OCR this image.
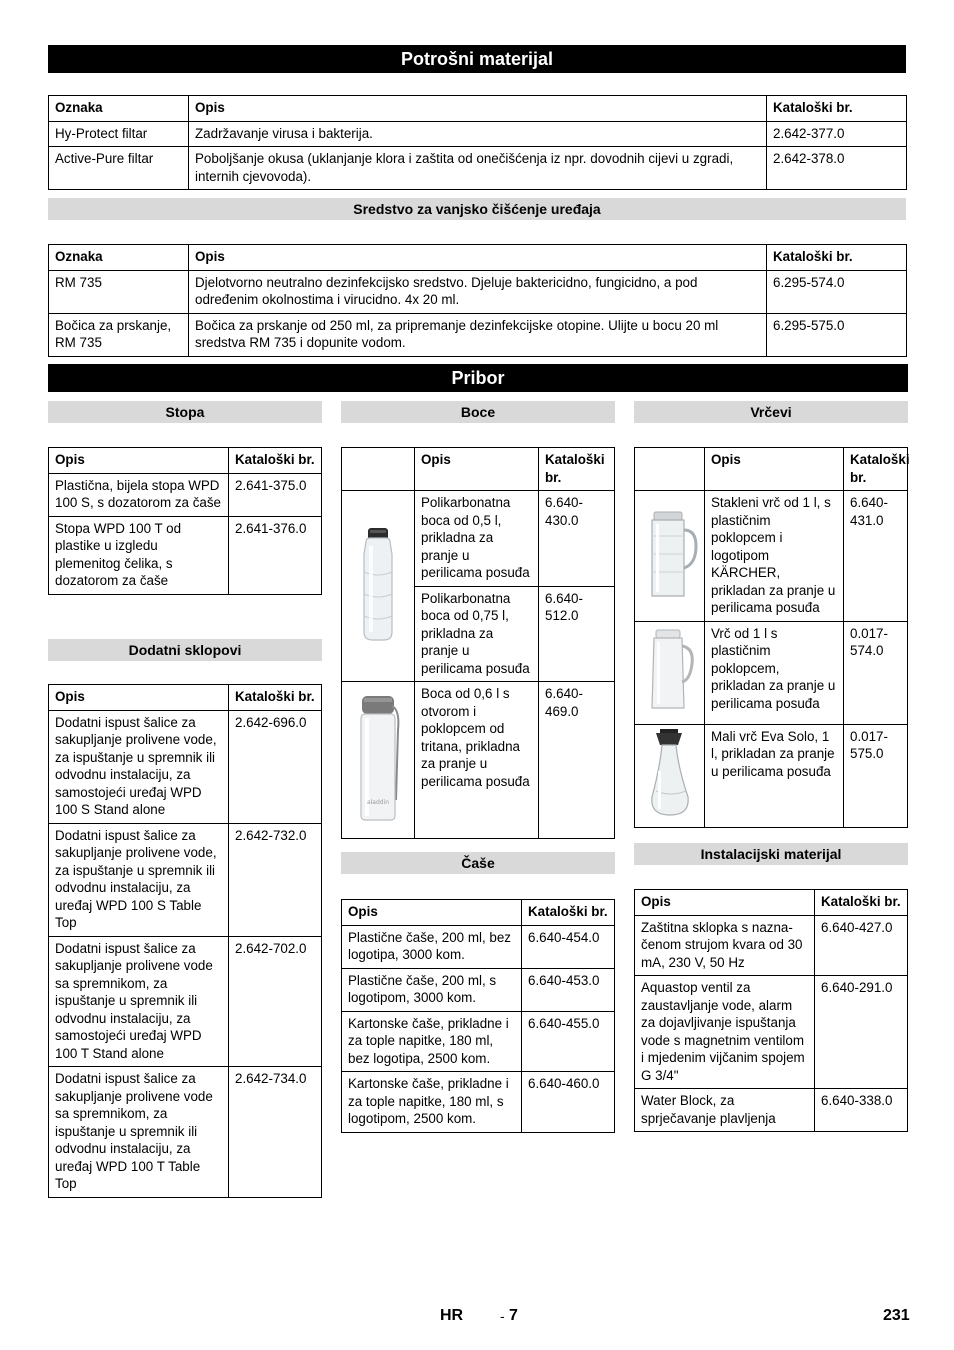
Potrošni materijal
Oznaka	Opis	Kataloški br.
Hy-Protect filtar	Zadržavanje virusa i bakterija.	2.642-377.0
Active-Pure filtar	Poboljšanje okusa (uklanjanje klora i zaštita od onečišćenja iz npr. dovodnih cijevi u zgradi, internih cjevovoda).	2.642-378.0
Sredstvo za vanjsko čišćenje uređaja
Oznaka	Opis	Kataloški br.
RM 735	Djelotvorno neutralno dezinfekcijsko sredstvo. Djeluje baktericidno, fungicidno, a pod određenim okolnostima i virucidno. 4x 20 ml.	6.295-574.0
Bočica za prskanje, RM 735	Bočica za prskanje od 250 ml, za pripremanje dezinfekcijske otopine. Ulijte u bocu 20 ml sredstva RM 735 i dopunite vodom.	6.295-575.0
Pribor
Stopa
Opis	Kataloški br.
Plastična, bijela stopa WPD 100 S, s dozatorom za čaše	2.641-375.0
Stopa WPD 100 T od plastike u izgledu plemenitog čelika, s dozatorom za čaše	2.641-376.0
Dodatni sklopovi
Opis	Kataloški br.
Dodatni ispust šalice za sakupljanje prolivene vode, za ispuštanje u spremnik ili odvodnu instalaciju, za samostojeći uređaj WPD 100 S Stand alone	2.642-696.0
Dodatni ispust šalice za sakupljanje prolivene vode, za ispuštanje u spremnik ili odvodnu instalaciju, za uređaj WPD 100 S Table Top	2.642-732.0
Dodatni ispust šalice za sakupljanje prolivene vode sa spremnikom, za ispuštanje u spremnik ili odvodnu instalaciju, za samostojeći uređaj WPD 100 T Stand alone	2.642-702.0
Dodatni ispust šalice za sakupljanje prolivene vode sa spremnikom, za ispuštanje u spremnik ili odvodnu instalaciju, za uređaj WPD 100 T Table Top	2.642-734.0
Boce
	Opis	Kataloški br.
	Polikarbonatna boca od 0,5 l, prikladna za pranje u perilicama posuđa	6.640-430.0
	Polikarbonatna boca od 0,75 l, prikladna za pranje u perilicama posuđa	6.640-512.0

aladdin	Boca od 0,6 l s otvorom i poklopcem od tritana, prikladna za pranje u perilicama posuđa	6.640-469.0
Čaše
Opis	Kataloški br.
Plastične čaše, 200 ml, bez logotipa, 3000 kom.	6.640-454.0
Plastične čaše, 200 ml, s logotipom, 3000 kom.	6.640-453.0
Kartonske čaše, prikladne i za tople napitke, 180 ml, bez logotipa, 2500 kom.	6.640-455.0
Kartonske čaše, prikladne i za tople napitke, 180 ml, s logotipom, 2500 kom.	6.640-460.0
Vrčevi
	Opis	Kataloški br.
	Stakleni vrč od 1 l, s plastičnim poklopcem i logotipom KÄRCHER, prikladan za pranje u perilicama posuđa	6.640-431.0
	Vrč od 1 l s plastičnim poklopcem, prikladan za pranje u perilicama posuđa	0.017-574.0
	Mali vrč Eva Solo, 1 l, prikladan za pranje u perilicama posuđa	0.017-575.0
Instalacijski materijal
Opis	Kataloški br.
Zaštitna sklopka s nazna-čenom strujom kvara od 30 mA, 230 V, 50 Hz	6.640-427.0
Aquastop ventil za zaustavljanje vode, alarm za dojavljivanje ispuštanja vode s magnetnim ventilom i mjedenim vijčanim spojem G 3/4"	6.640-291.0
Water Block, za sprječavanje plavljenja	6.640-338.0
HR	- 7	231
